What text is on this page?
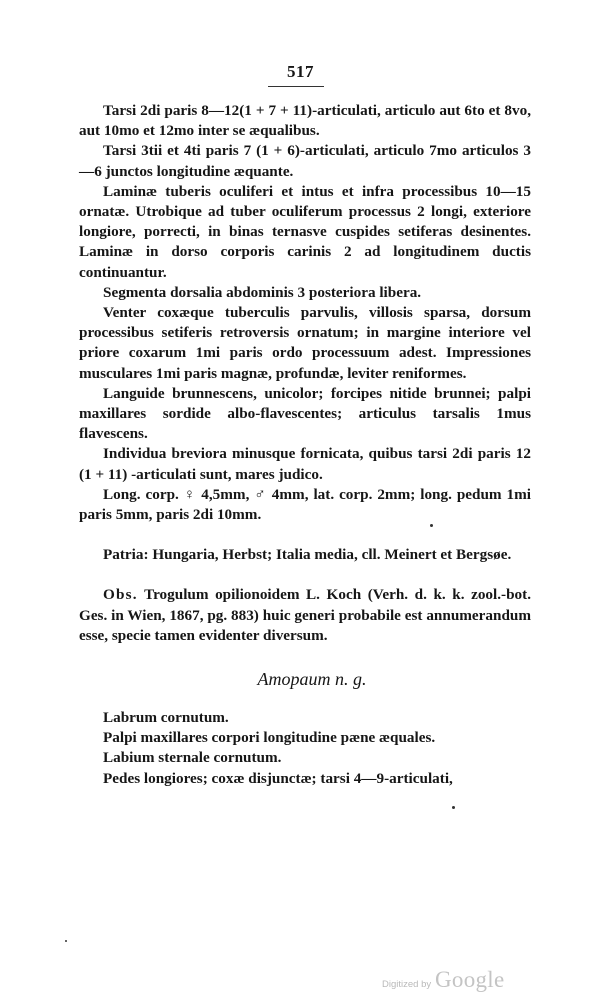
517

Tarsi 2di paris 8—12(1 + 7 + 11)-articulati, articulo aut 6to et 8vo, aut 10mo et 12mo inter se æqualibus.

Tarsi 3tii et 4ti paris 7 (1 + 6)-articulati, articulo 7mo articulos 3—6 junctos longitudine æquante.

Laminæ tuberis oculiferi et intus et infra processibus 10—15 ornatæ. Utrobique ad tuber oculiferum processus 2 longi, exteriore longiore, porrecti, in binas ternasve cuspides setiferas desinentes. Laminæ in dorso corporis carinis 2 ad longitudinem ductis continuantur.

Segmenta dorsalia abdominis 3 posteriora libera.

Venter coxæque tuberculis parvulis, villosis sparsa, dorsum processibus setiferis retroversis ornatum; in margine interiore vel priore coxarum 1mi paris ordo processuum adest. Impressiones musculares 1mi paris magnæ, profundæ, leviter reniformes.

Languide brunnescens, unicolor; forcipes nitide brunnei; palpi maxillares sordide albo-flavescentes; articulus tarsalis 1mus flavescens.

Individua breviora minusque fornicata, quibus tarsi 2di paris 12 (1 + 11) -articulati sunt, mares judico.

Long. corp. ♀ 4,5mm, ♂ 4mm, lat. corp. 2mm; long. pedum 1mi paris 5mm, paris 2di 10mm.

Patria: Hungaria, Herbst; Italia media, cll. Meinert et Bergsøe.

Obs. Trogulum opilionoidem L. Koch (Verh. d. k. k. zool.-bot. Ges. in Wien, 1867, pg. 883) huic generi probabile est annumerandum esse, specie tamen evidenter diversum.

Amopaum n. g.

Labrum cornutum.

Palpi maxillares corpori longitudine pæne æquales.

Labium sternale cornutum.

Pedes longiores; coxæ disjunctæ; tarsi 4—9-articulati,

Digitized by Google
